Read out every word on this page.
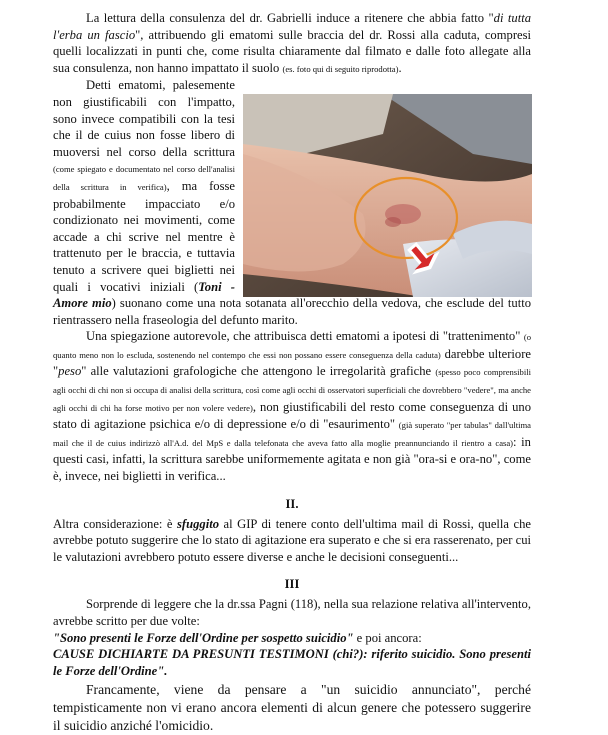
La lettura della consulenza del dr. Gabrielli induce a ritenere che abbia fatto "di tutta l'erba un fascio", attribuendo gli ematomi sulle braccia del dr. Rossi alla caduta, compresi quelli localizzati in punti che, come risulta chiaramente dal filmato e dalle foto allegate alla sua consulenza, non hanno impattato il suolo (es. foto qui di seguito riprodotta).

Detti ematomi, palesemente non giustificabili con l'impatto, sono invece compatibili con la tesi che il de cuius non fosse libero di muoversi nel corso della scrittura (come spiegato e documentato nel corso dell'analisi della scrittura in verifica), ma fosse probabilmente impacciato e/o condizionato nei movimenti, come accade a chi scrive nel mentre è trattenuto per le braccia, e tuttavia tenuto a scrivere quei biglietti nei quali i vocativi iniziali (Toni - Amore mio) suonano come una nota sotanata all'orecchio della vedova, che esclude del tutto rientrassero nella fraseologia del defunto marito.

Una spiegazione autorevole, che attribuisca detti ematomi a ipotesi di "trattenimento" (o quanto meno non lo escluda, sostenendo nel contempo che essi non possano essere conseguenza della caduta) darebbe ulteriore "peso" alle valutazioni grafologiche che attengono le irregolarità grafiche (spesso poco comprensibili agli occhi di chi non si occupa di analisi della scrittura, così come agli occhi di osservatori superficiali che dovrebbero "vedere", ma anche agli occhi di chi ha forse motivo per non volere vedere), non giustificabili del resto come conseguenza di uno stato di agitazione psichica e/o di depressione e/o di "esaurimento" (già superato "per tabulas" dall'ultima mail che il de cuius indirizzò all'A.d. del MpS e dalla telefonata che aveva fatto alla moglie preannunciando il rientro a casa): in questi casi, infatti, la scrittura sarebbe uniformemente agitata e non già "ora-si e ora-no", come è, invece, nei biglietti in verifica...

II.

Altra considerazione: è sfuggito al GIP di tenere conto dell'ultima mail di Rossi, quella che avrebbe potuto suggerire che lo stato di agitazione era superato e che si era rasserenato, per cui le valutazioni avrebbero potuto essere diverse e anche le decisioni conseguenti...

III

Sorprende di leggere che la dr.ssa Pagni (118), nella sua relazione relativa all'intervento, avrebbe scritto per due volte:

"Sono presenti le Forze dell'Ordine per sospetto suicidio" e poi ancora:

CAUSE DICHIARTE DA PRESUNTI TESTIMONI (chi?): riferito suicidio. Sono presenti le Forze dell'Ordine".

Francamente, viene da pensare a "un suicidio annunciato", perché tempisticamente non vi erano ancora elementi di alcun genere che potessero suggerire il suicidio anziché l'omicidio.
